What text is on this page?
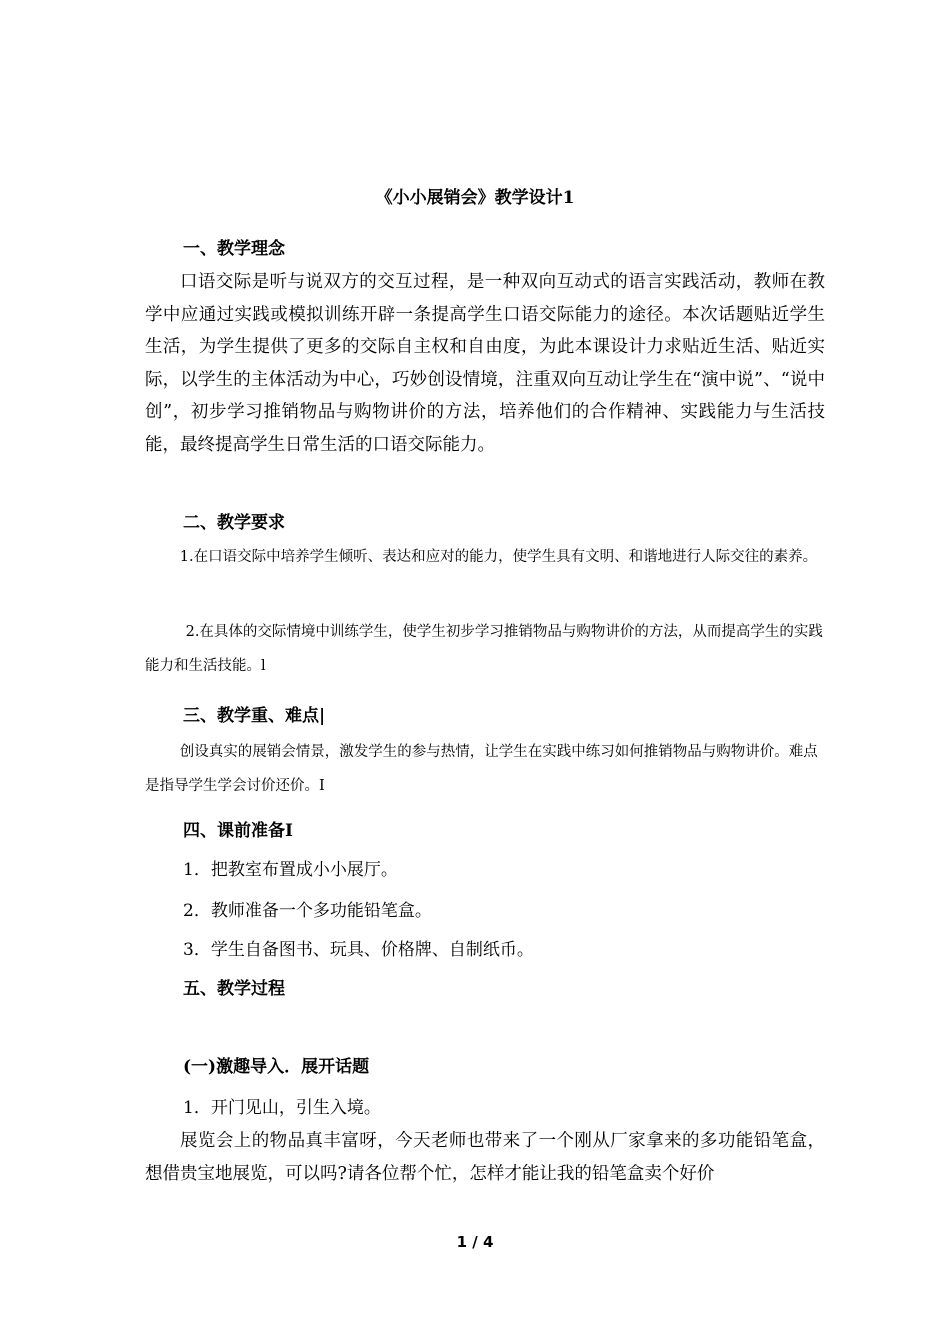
《小小展销会》教学设计1
一、教学理念
口语交际是听与说双方的交互过程，是一种双向互动式的语言实践活动，教师在教学中应通过实践或模拟训练开辟一条提高学生口语交际能力的途径。本次话题贴近学生生活，为学生提供了更多的交际自主权和自由度，为此本课设计力求贴近生活、贴近实际，以学生的主体活动为中心，巧妙创设情境，注重双向互动让学生在“演中说”、“说中创”，初步学习推销物品与购物讲价的方法，培养他们的合作精神、实践能力与生活技能，最终提高学生日常生活的口语交际能力。
二、教学要求
1.在口语交际中培养学生倾听、表达和应对的能力，使学生具有文明、和谐地进行人际交往的素养。
2.在具体的交际情境中训练学生，使学生初步学习推销物品与购物讲价的方法，从而提高学生的实践能力和生活技能。l
三、教学重、难点|
创设真实的展销会情景，激发学生的参与热情，让学生在实践中练习如何推销物品与购物讲价。难点是指导学生学会讨价还价。I
四、课前准备I
1．把教室布置成小小展厅。
2．教师准备一个多功能铅笔盒。
3．学生自备图书、玩具、价格牌、自制纸币。
五、教学过程
(一)激趣导入．展开话题
1．开门见山，引生入境。
展览会上的物品真丰富呀，今天老师也带来了一个刚从厂家拿来的多功能铅笔盒，想借贵宝地展览，可以吗?请各位帮个忙，怎样才能让我的铅笔盒卖个好价
1 / 4
